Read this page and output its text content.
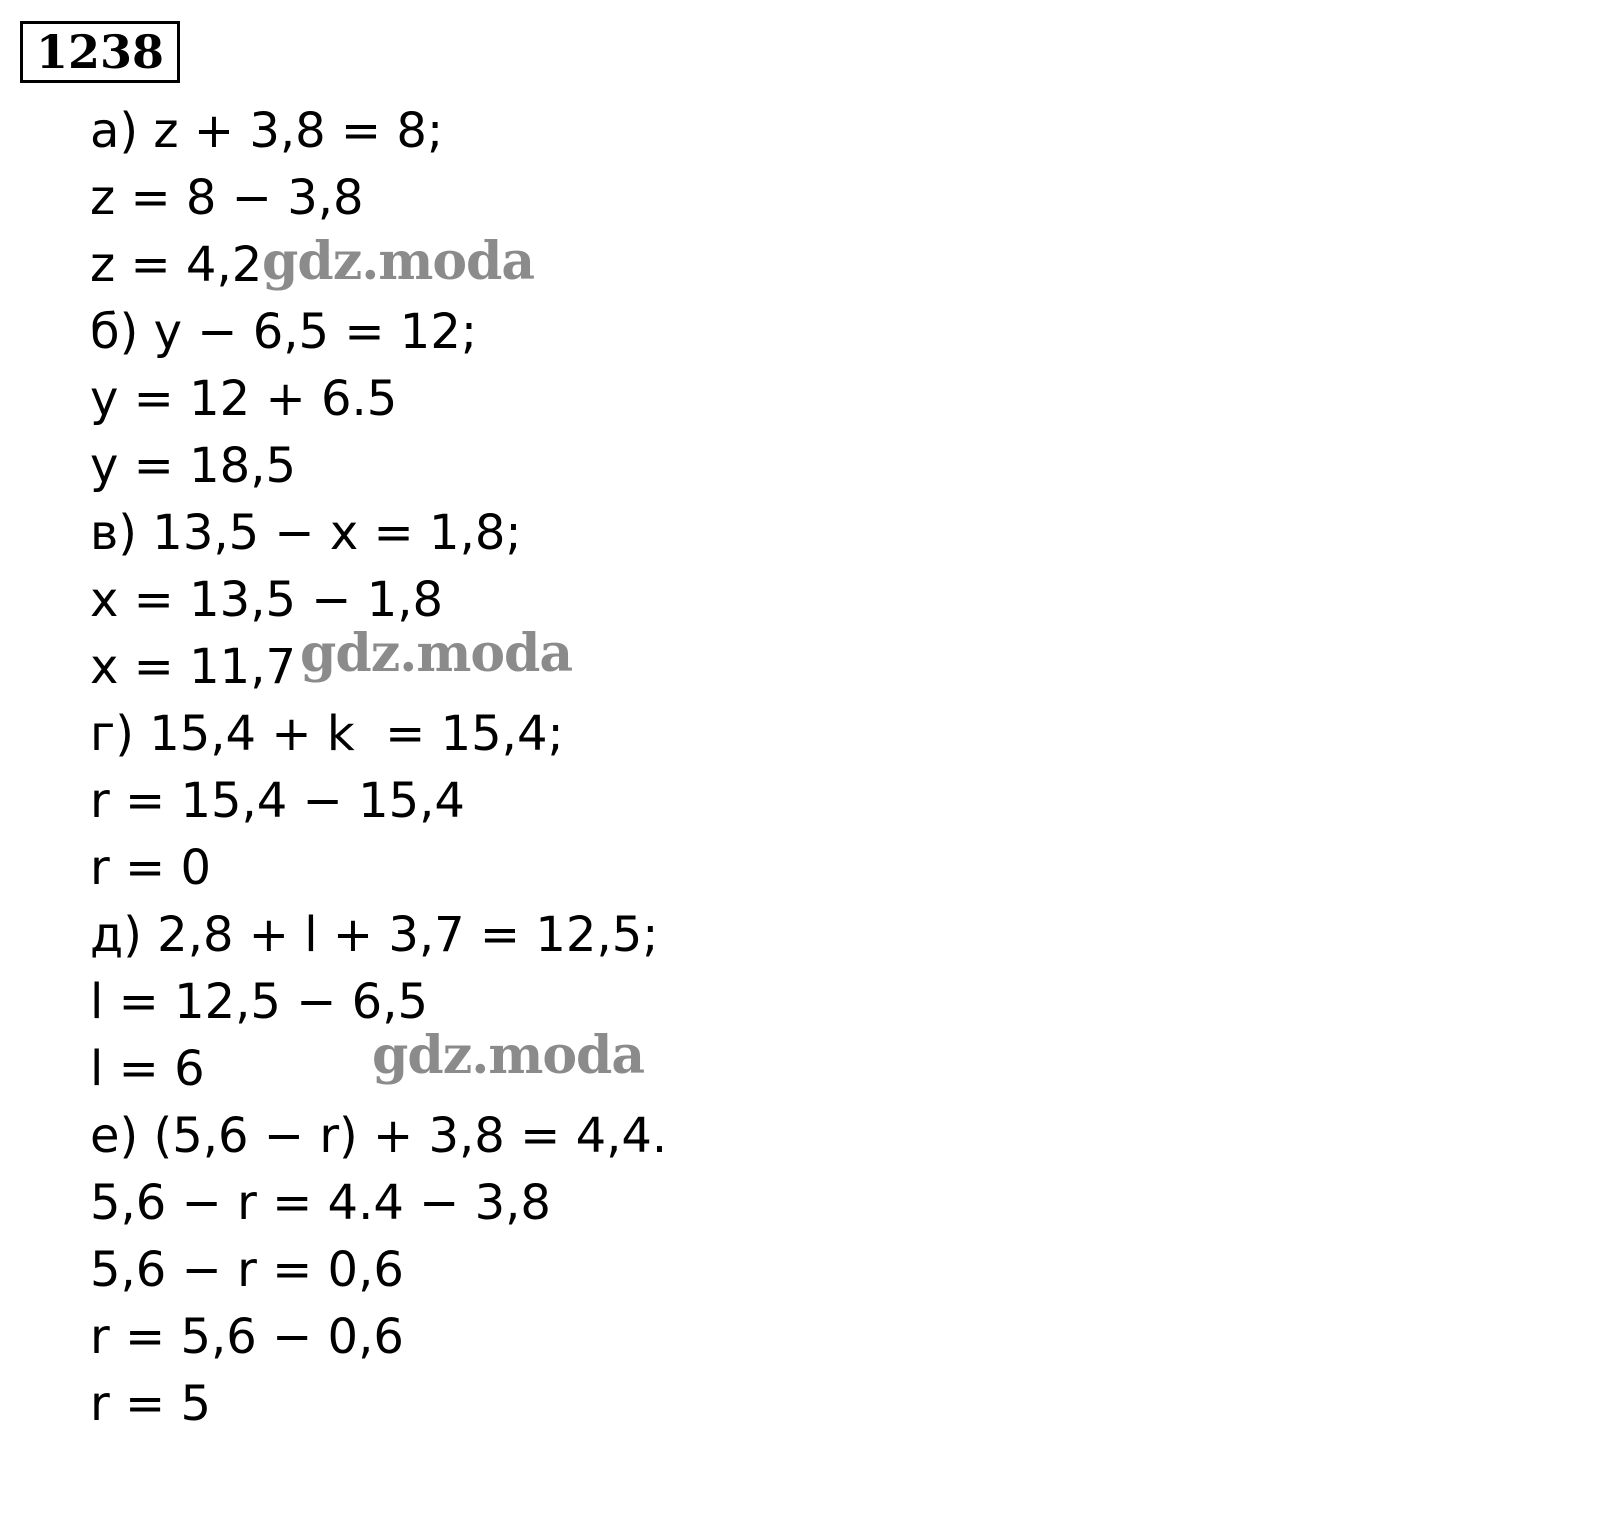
1238
а) z + 3,8 = 8;
z = 8 − 3,8
z = 4,2
б) y − 6,5 = 12;
y = 12 + 6.5
y = 18,5
в) 13,5 − x = 1,8;
x = 13,5 − 1,8
x = 11,7
г) 15,4 + k  = 15,4;
r = 15,4 − 15,4
r = 0
д) 2,8 + l + 3,7 = 12,5;
l = 12,5 − 6,5
l = 6
е) (5,6 − r) + 3,8 = 4,4.
5,6 − r = 4.4 − 3,8
5,6 − r = 0,6
r = 5,6 − 0,6
r = 5
gdz.moda
gdz.moda
gdz.moda
